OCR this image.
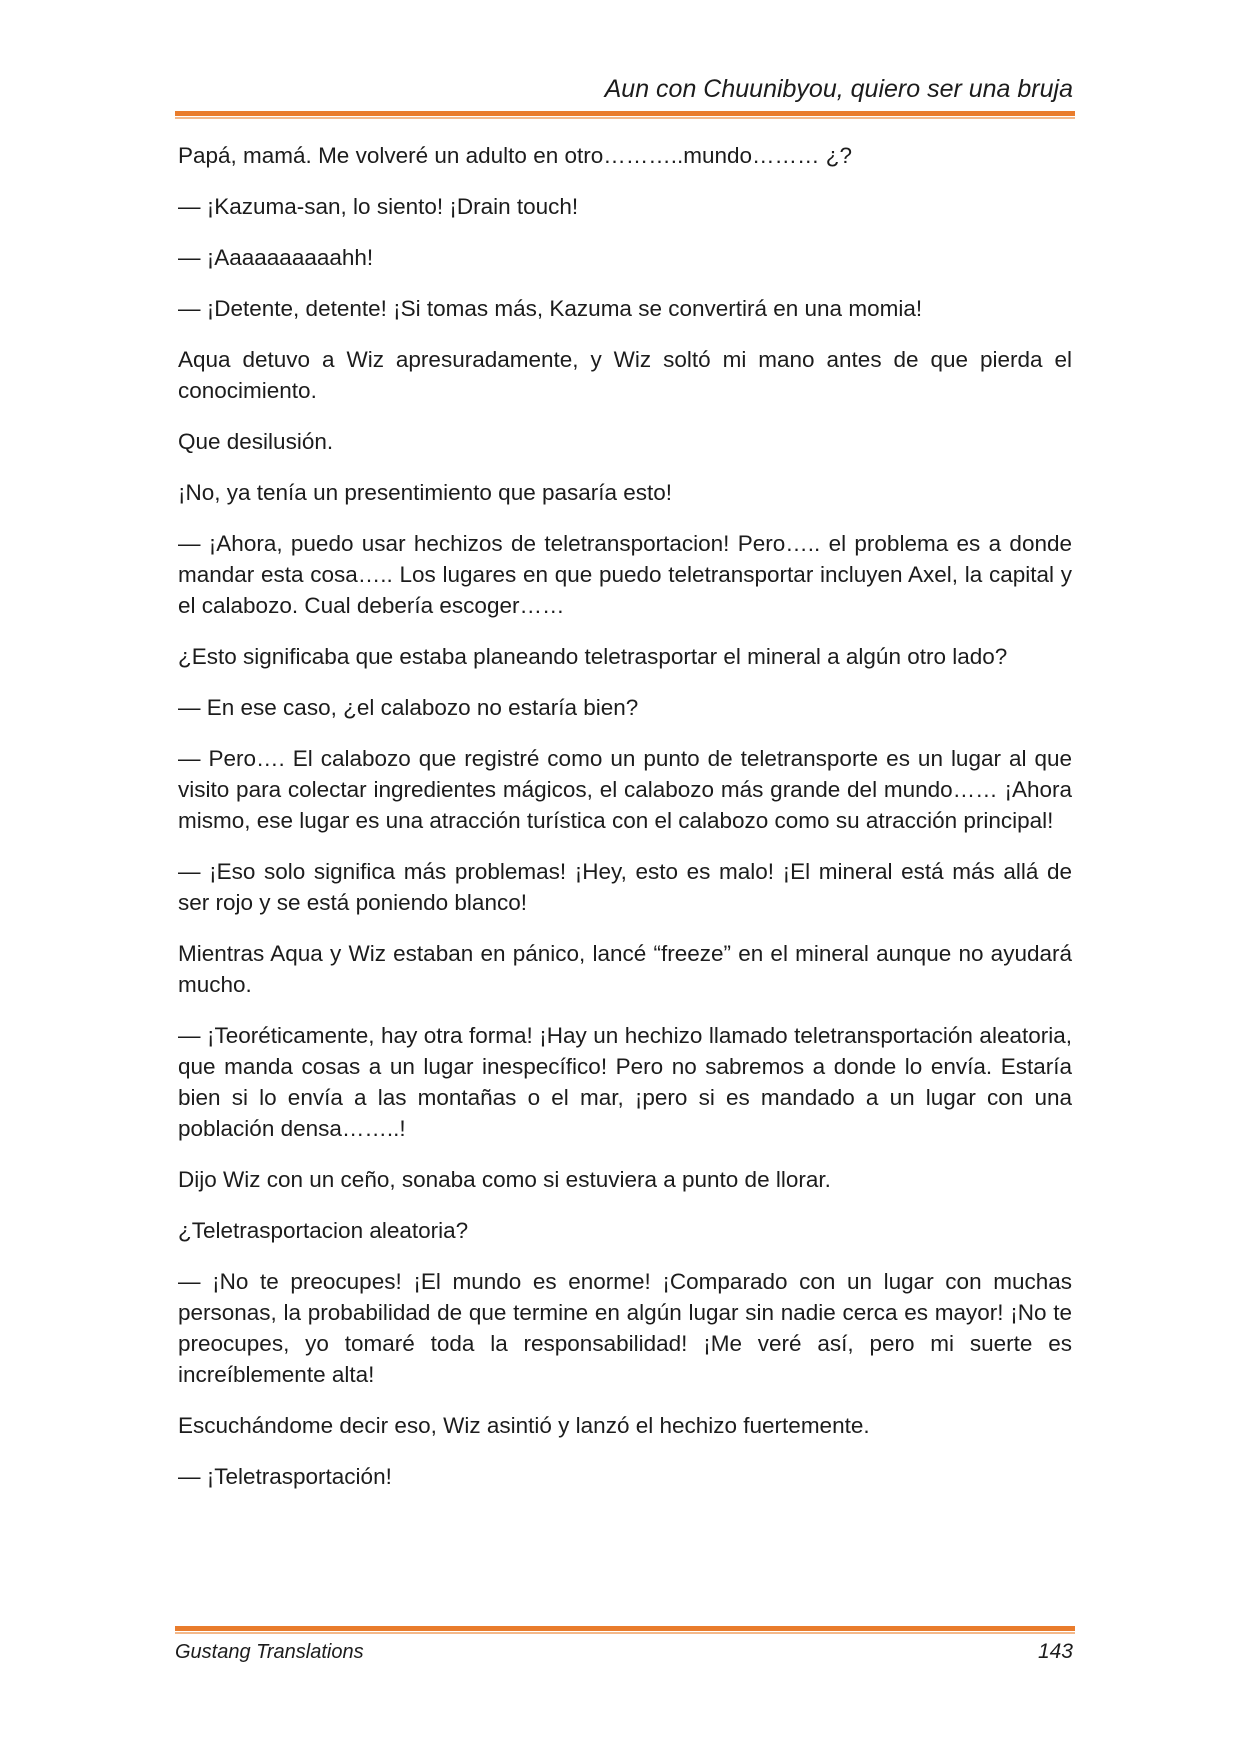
Aun con Chuunibyou, quiero ser una bruja

Papá, mamá. Me volveré un adulto en otro………..mundo……… ¿?

— ¡Kazuma-san, lo siento! ¡Drain touch!

— ¡Aaaaaaaaaahh!

— ¡Detente, detente! ¡Si tomas más, Kazuma se convertirá en una momia!

Aqua detuvo a Wiz apresuradamente, y Wiz soltó mi mano antes de que pierda el conocimiento.

Que desilusión.

¡No, ya tenía un presentimiento que pasaría esto!

— ¡Ahora, puedo usar hechizos de teletransportacion! Pero….. el problema es a donde mandar esta cosa….. Los lugares en que puedo teletransportar incluyen Axel, la capital y el calabozo. Cual debería escoger……

¿Esto significaba que estaba planeando teletrasportar el mineral a algún otro lado?

— En ese caso, ¿el calabozo no estaría bien?

— Pero…. El calabozo que registré como un punto de teletransporte es un lugar al que visito para colectar ingredientes mágicos, el calabozo más grande del mundo…… ¡Ahora mismo, ese lugar es una atracción turística con el calabozo como su atracción principal!

— ¡Eso solo significa más problemas! ¡Hey, esto es malo! ¡El mineral está más allá de ser rojo y se está poniendo blanco!

Mientras Aqua y Wiz estaban en pánico, lancé “freeze” en el mineral aunque no ayudará mucho.

— ¡Teoréticamente, hay otra forma! ¡Hay un hechizo llamado teletransportación aleatoria, que manda cosas a un lugar inespecífico! Pero no sabremos a donde lo envía. Estaría bien si lo envía a las montañas o el mar, ¡pero si es mandado a un lugar con una población densa……..!

Dijo Wiz con un ceño, sonaba como si estuviera a punto de llorar.

¿Teletrasportacion aleatoria?

— ¡No te preocupes! ¡El mundo es enorme! ¡Comparado con un lugar con muchas personas, la probabilidad de que termine en algún lugar sin nadie cerca es mayor! ¡No te preocupes, yo tomaré toda la responsabilidad! ¡Me veré así, pero mi suerte es increíblemente alta!

Escuchándome decir eso, Wiz asintió y lanzó el hechizo fuertemente.

— ¡Teletrasportación!

Gustang Translations	143
